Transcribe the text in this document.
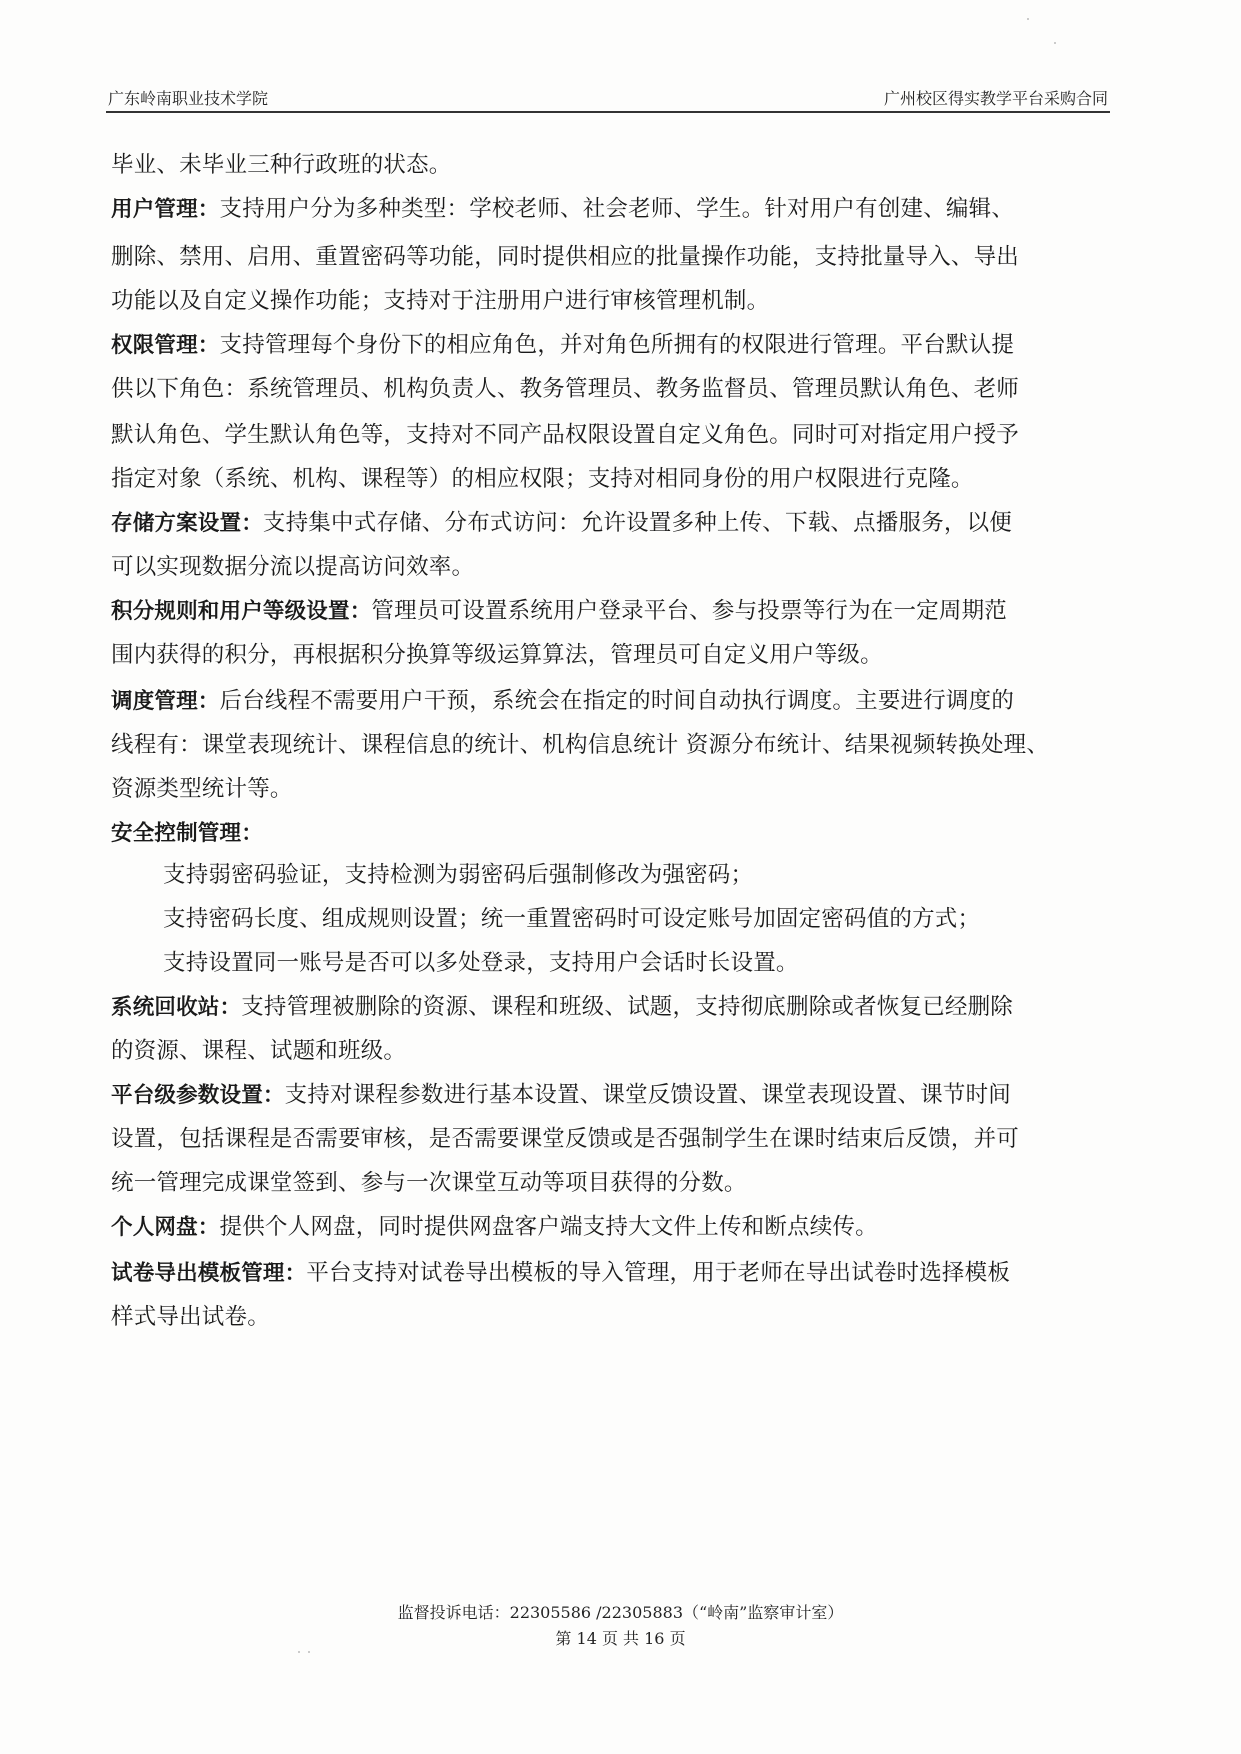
广东岭南职业技术学院	广州校区得实教学平台采购合同
毕业、未毕业三种行政班的状态。
用户管理：支持用户分为多种类型：学校老师、社会老师、学生。针对用户有创建、编辑、
删除、禁用、启用、重置密码等功能，同时提供相应的批量操作功能，支持批量导入、导出
功能以及自定义操作功能；支持对于注册用户进行审核管理机制。
权限管理：支持管理每个身份下的相应角色，并对角色所拥有的权限进行管理。平台默认提
供以下角色：系统管理员、机构负责人、教务管理员、教务监督员、管理员默认角色、老师
默认角色、学生默认角色等，支持对不同产品权限设置自定义角色。同时可对指定用户授予
指定对象（系统、机构、课程等）的相应权限；支持对相同身份的用户权限进行克隆。
存储方案设置：支持集中式存储、分布式访问：允许设置多种上传、下载、点播服务，以便
可以实现数据分流以提高访问效率。
积分规则和用户等级设置：管理员可设置系统用户登录平台、参与投票等行为在一定周期范
围内获得的积分，再根据积分换算等级运算算法，管理员可自定义用户等级。
调度管理：后台线程不需要用户干预，系统会在指定的时间自动执行调度。主要进行调度的
线程有：课堂表现统计、课程信息的统计、机构信息统计 资源分布统计、结果视频转换处理、
资源类型统计等。
安全控制管理：
支持弱密码验证，支持检测为弱密码后强制修改为强密码；
支持密码长度、组成规则设置；统一重置密码时可设定账号加固定密码值的方式；
支持设置同一账号是否可以多处登录，支持用户会话时长设置。
系统回收站：支持管理被删除的资源、课程和班级、试题，支持彻底删除或者恢复已经删除
的资源、课程、试题和班级。
平台级参数设置：支持对课程参数进行基本设置、课堂反馈设置、课堂表现设置、课节时间
设置，包括课程是否需要审核，是否需要课堂反馈或是否强制学生在课时结束后反馈，并可
统一管理完成课堂签到、参与一次课堂互动等项目获得的分数。
个人网盘：提供个人网盘，同时提供网盘客户端支持大文件上传和断点续传。
试卷导出模板管理：平台支持对试卷导出模板的导入管理，用于老师在导出试卷时选择模板
样式导出试卷。
监督投诉电话：22305586 /22305883（“岭南”监察审计室）
第 14 页 共 16 页
